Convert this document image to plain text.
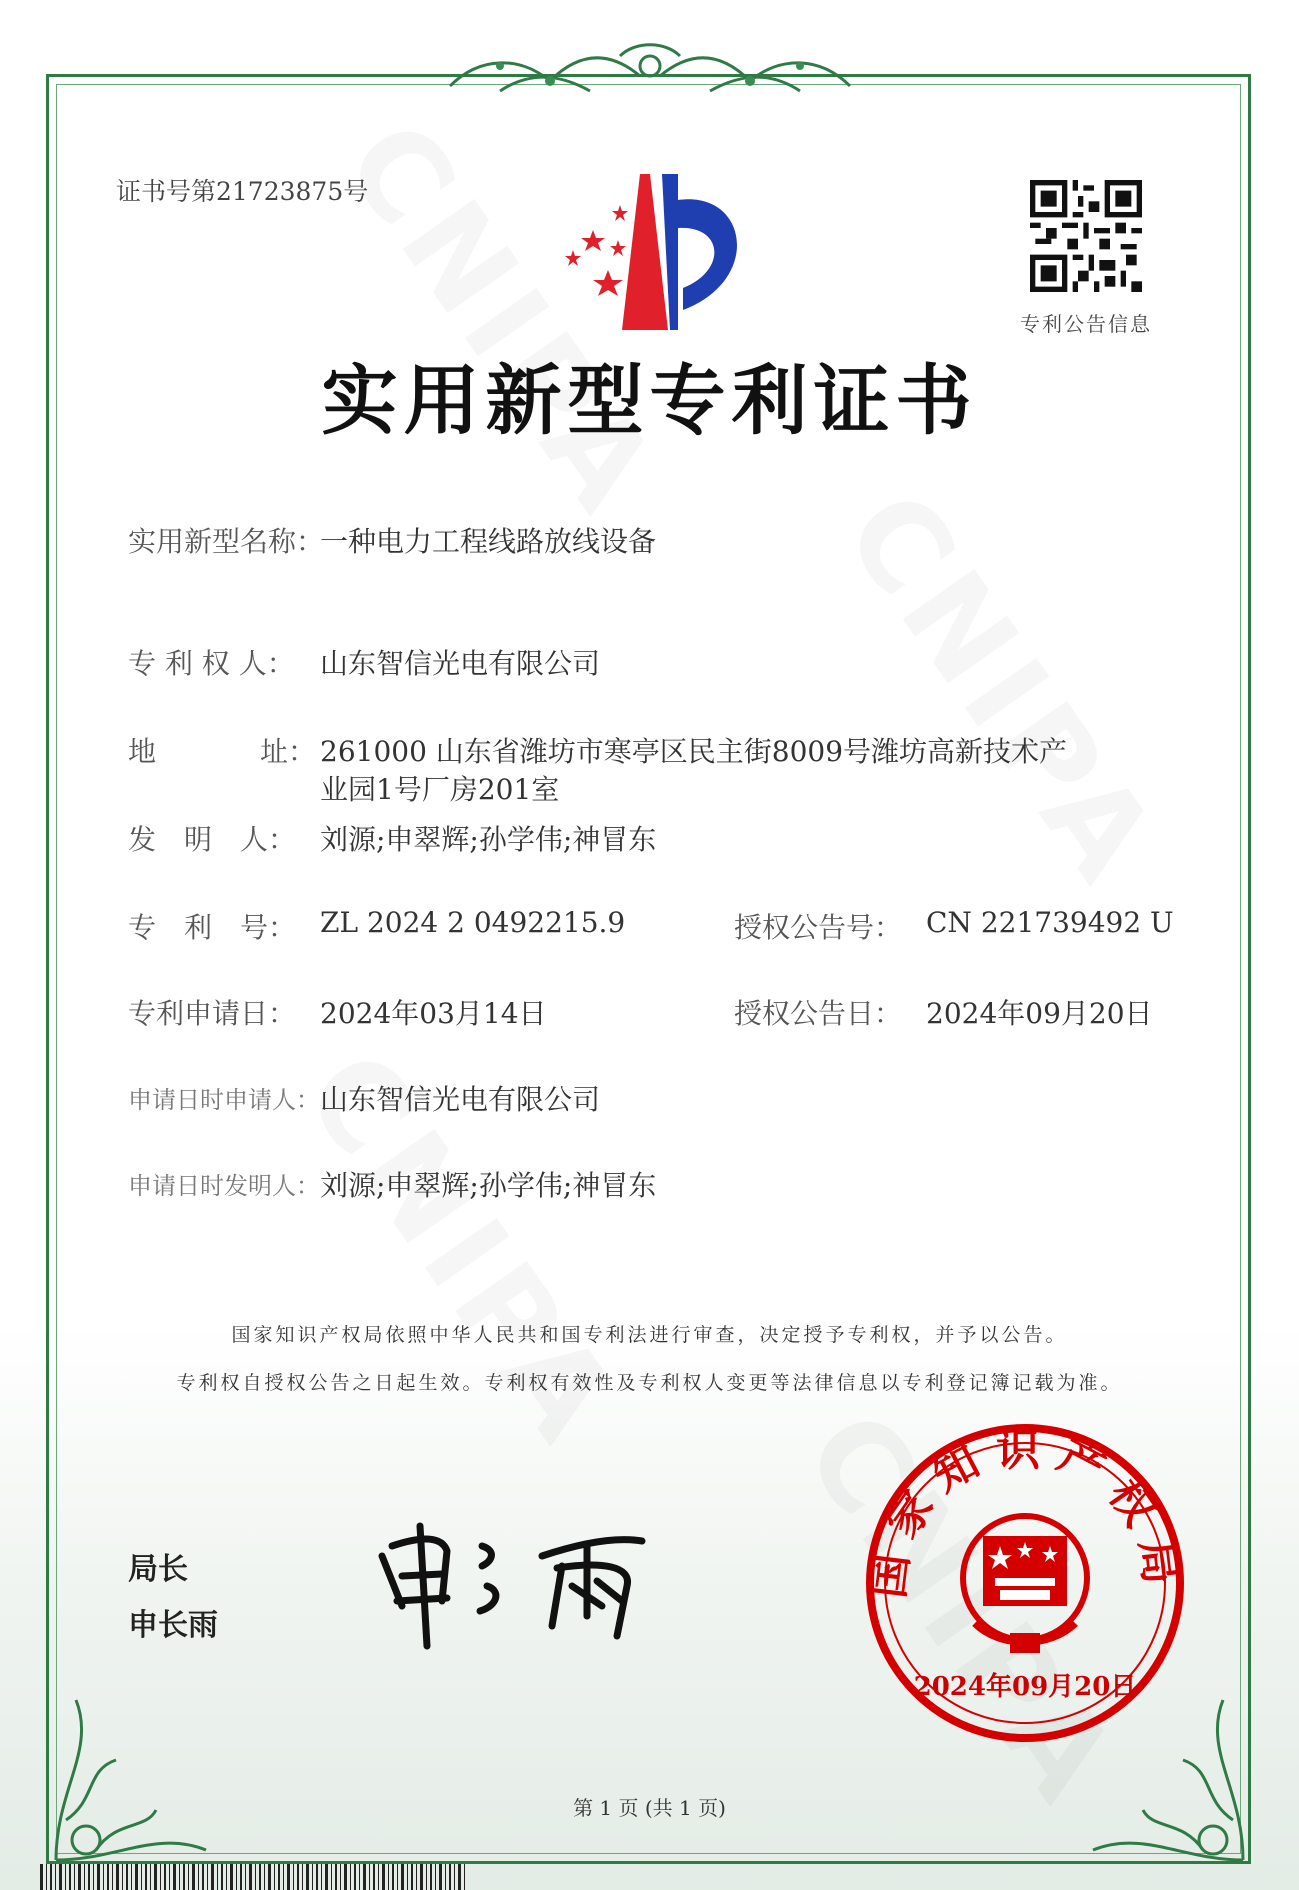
证书号第21723875号
专利公告信息
实用新型专利证书
实用新型名称：
一种电力工程线路放线设备
专 利 权 人： 山东智信光电有限公司
地	址： 261000 山东省潍坊市寒亭区民主街8009号潍坊高新技术产
业园1号厂房201室
发　明　人： 刘源;申翠辉;孙学伟;神冒东
专　利　号： ZL 2024 2 0492215.9	授权公告号： CN 221739492 U
专利申请日： 2024年03月14日	授权公告日： 2024年09月20日
申请日时申请人： 山东智信光电有限公司
申请日时发明人： 刘源;申翠辉;孙学伟;神冒东
国家知识产权局依照中华人民共和国专利法进行审查，决定授予专利权，并予以公告。
专利权自授权公告之日起生效。专利权有效性及专利权人变更等法律信息以专利登记簿记载为准。
局长
申长雨
国家知识产权局
2024年09月20日
第 1 页 (共 1 页)
